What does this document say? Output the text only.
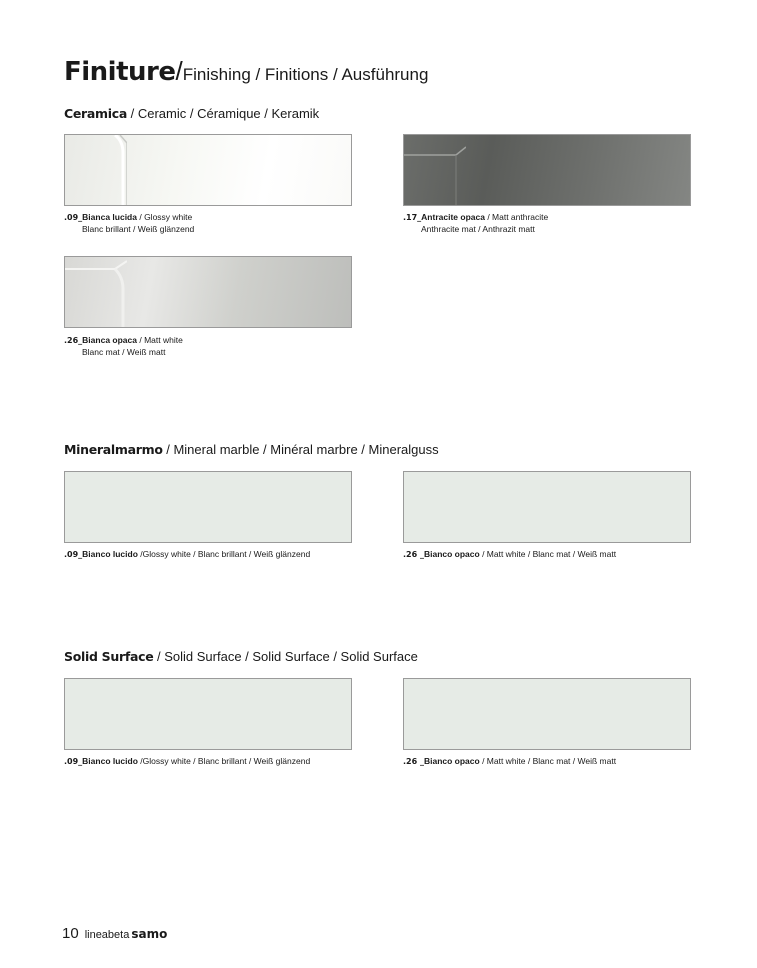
Finiture/Finishing / Finitions / Ausführung
Ceramica / Ceramic / Céramique / Keramik
.09_Bianca lucida / Glossy white
Blanc brillant / Weiß glänzend
.17_Antracite opaca / Matt anthracite
Anthracite mat / Anthrazit matt
.26_Bianca opaca / Matt white
Blanc mat / Weiß matt
Mineralmarmo / Mineral marble / Minéral marbre / Mineralguss
.09_Bianco lucido /Glossy white / Blanc brillant / Weiß glänzend	.26 _Bianco opaco / Matt white / Blanc mat / Weiß matt
Solid Surface / Solid Surface / Solid Surface / Solid Surface
.09_Bianco lucido /Glossy white / Blanc brillant / Weiß glänzend	.26 _Bianco opaco / Matt white / Blanc mat / Weiß matt
10 lineabeta samo
